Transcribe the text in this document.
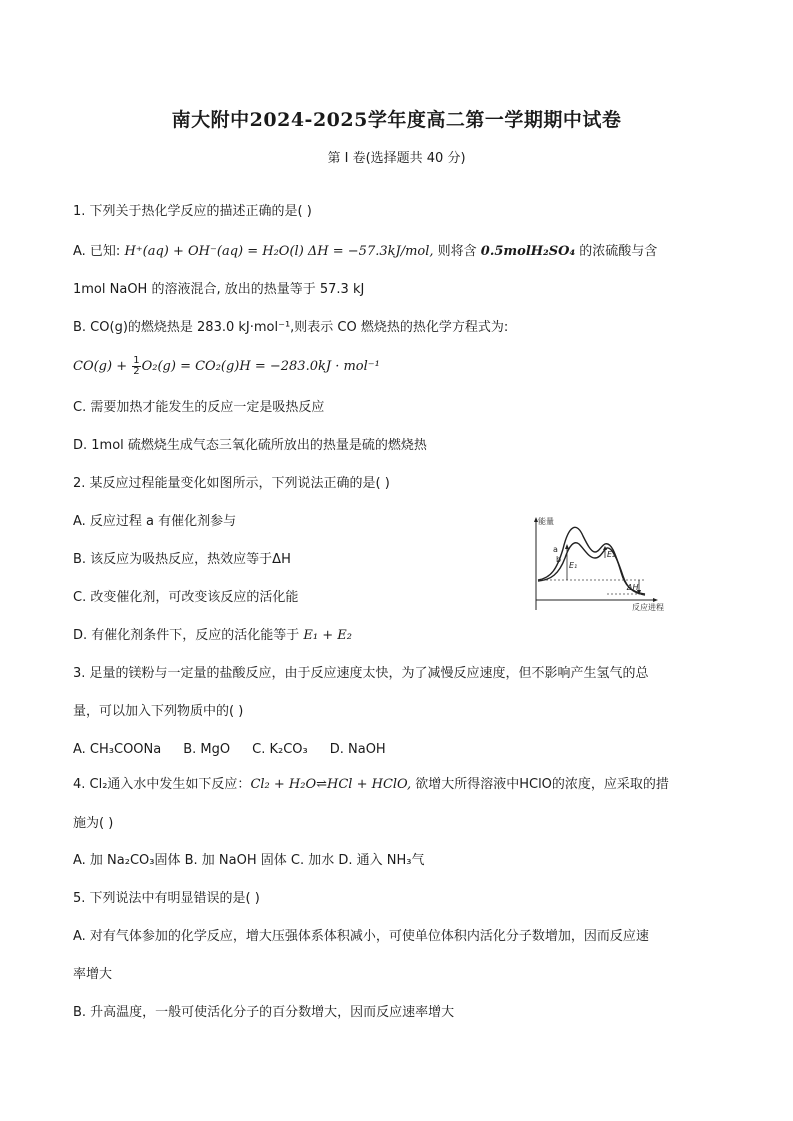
南大附中2024-2025学年度高二第一学期期中试卷
第 I 卷(选择题共 40 分)
1. 下列关于热化学反应的描述正确的是( )
A. 已知: H⁺(aq) + OH⁻(aq) = H₂O(l) ΔH = −57.3kJ/mol, 则将含 0.5molH₂SO₄ 的浓硫酸与含
1mol NaOH 的溶液混合, 放出的热量等于 57.3 kJ
B. CO(g)的燃烧热是 283.0 kJ·mol⁻¹,则表示 CO 燃烧热的热化学方程式为:
$CO(g) + \frac{1}{2} O_2(g) = CO_2(g)H = -283.0kJ \cdot mol^{-1}$
C. 需要加热才能发生的反应一定是吸热反应
D. 1mol 硫燃烧生成气态三氧化硫所放出的热量是硫的燃烧热
2. 某反应过程能量变化如图所示，下列说法正确的是( )
A. 反应过程 a 有催化剂参与
B. 该反应为吸热反应，热效应等于ΔH
C. 改变催化剂，可改变该反应的活化能
D. 有催化剂条件下，反应的活化能等于 E₁ + E₂
能量
反应进程
a
b
E₁
E₂
ΔH
3. 足量的镁粉与一定量的盐酸反应，由于反应速度太快，为了减慢反应速度，但不影响产生氢气的总
量，可以加入下列物质中的( )
A. CH₃COONa B. MgO C. K₂CO₃ D. NaOH
4. Cl₂通入水中发生如下反应：Cl₂ + H₂O⇌HCl + HClO, 欲增大所得溶液中HClO的浓度，应采取的措
施为( )
A. 加 Na₂CO₃固体 B. 加 NaOH 固体 C. 加水 D. 通入 NH₃气
5. 下列说法中有明显错误的是( )
A. 对有气体参加的化学反应，增大压强体系体积减小，可使单位体积内活化分子数增加，因而反应速
率增大
B. 升高温度，一般可使活化分子的百分数增大，因而反应速率增大
